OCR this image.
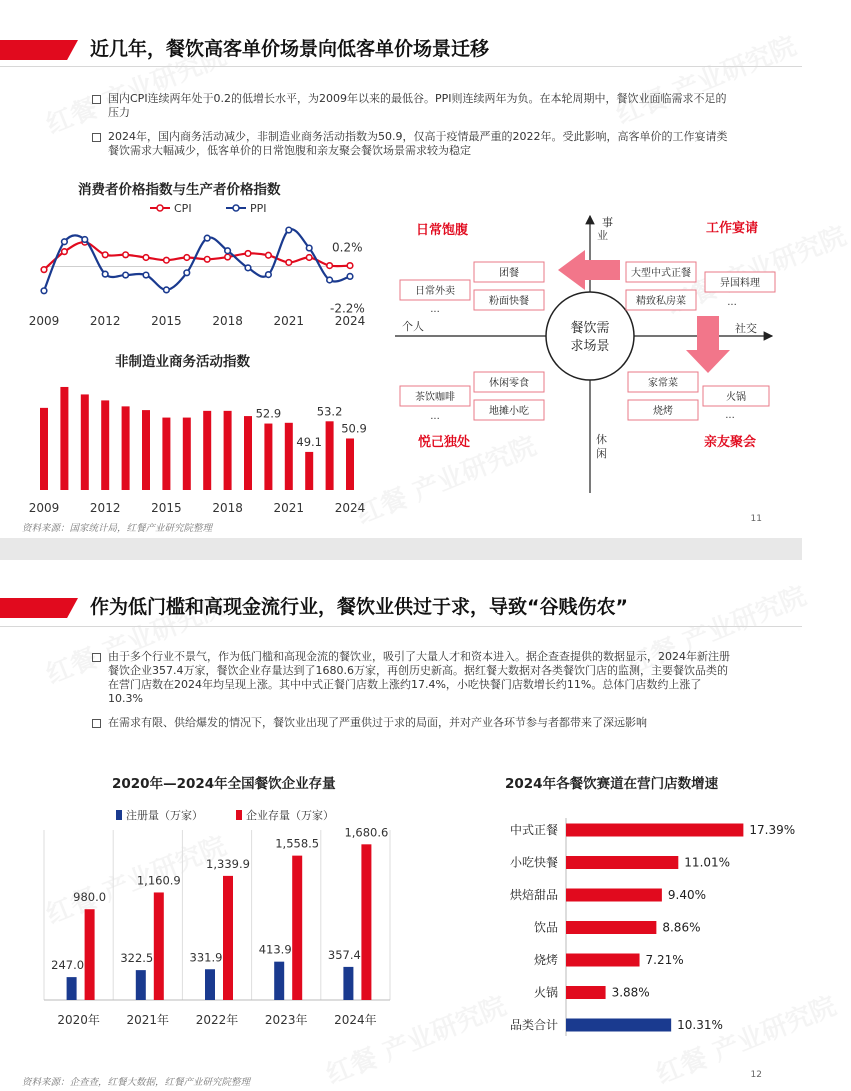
近几年，餐饮高客单价场景向低客单价场景迁移
国内CPI连续两年处于0.2的低增长水平，为2009年以来的最低谷。PPI则连续两年为负。在本轮周期中，餐饮业面临需求不足的压力
2024年，国内商务活动减少，非制造业商务活动指数为50.9，仅高于疫情最严重的2022年。受此影响，高客单价的工作宴请类餐饮需求大幅减少，低客单价的日常饱腹和亲友聚会餐饮场景需求较为稳定
消费者价格指数与生产者价格指数
CPI	PPI
0.2%
-2.2%
2009	2012	2015	2018	2021	2024
非制造业商务活动指数
52.9
49.1
53.2
50.9
2009	2012	2015	2018	2021	2024
事
业
休
闲
个人	社交
餐饮需
求场景
日常饱腹	工作宴请
悦己独处	亲友聚会
团餐
日常外卖
...
粉面快餐
大型中式正餐
异国料理
...
精致私房菜
休闲零食
茶饮咖啡
...	地摊小吃
家常菜
火锅
...
烧烤
资料来源：国家统计局，红餐产业研究院整理
11
作为低门槛和高现金流行业，餐饮业供过于求，导致“谷贱伤农”
由于多个行业不景气，作为低门槛和高现金流的餐饮业，吸引了大量人才和资本进入。据企查查提供的数据显示，2024年新注册餐饮企业357.4万家，餐饮企业存量达到了1680.6万家，再创历史新高。据红餐大数据对各类餐饮门店的监测，主要餐饮品类的在营门店数在2024年均呈现上涨。其中中式正餐门店数上涨约17.4%，小吃快餐门店数增长约11%。总体门店数约上涨了10.3%
在需求有限、供给爆发的情况下，餐饮业出现了严重供过于求的局面，并对产业各环节参与者都带来了深远影响
2020年—2024年全国餐饮企业存量
注册量（万家）	企业存量（万家）
247.0
980.0
2020年
322.5
1,160.9
2021年
331.9
1,339.9
2022年
413.9
1,558.5
2023年
357.4
1,680.6
2024年
2024年各餐饮赛道在营门店数增速
中式正餐	17.39%
小吃快餐	11.01%
烘焙甜品	9.40%
饮品	8.86%
烧烤	7.21%
火锅	3.88%
品类合计	10.31%
资料来源：企查查，红餐大数据，红餐产业研究院整理
12
